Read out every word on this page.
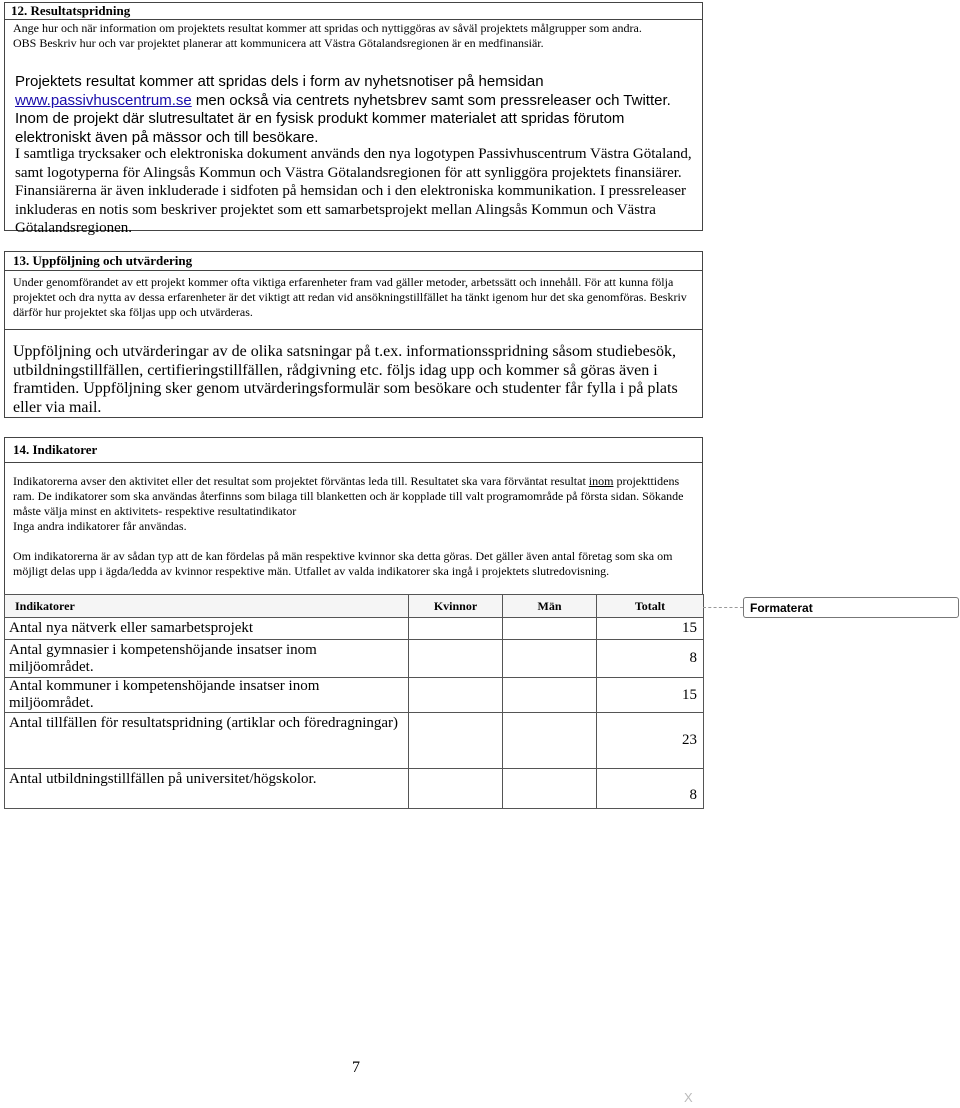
12. Resultatspridning

Ange hur och när information om projektets resultat kommer att spridas och nyttiggöras av såväl projektets målgrupper som andra.

OBS Beskriv hur och var projektet planerar att kommunicera att Västra Götalandsregionen är en medfinansiär.

Projektets resultat kommer att spridas dels i form av nyhetsnotiser på hemsidan www.passivhuscentrum.se men också via centrets nyhetsbrev samt som pressreleaser och Twitter. Inom de projekt där slutresultatet är en fysisk produkt kommer materialet att spridas förutom elektroniskt även på mässor och till besökare.

I samtliga trycksaker och elektroniska dokument används den nya logotypen Passivhuscentrum Västra Götaland, samt logotyperna för Alingsås Kommun och Västra Götalandsregionen för att synliggöra projektets finansiärer. Finansiärerna är även inkluderade i sidfoten på hemsidan och i den elektroniska kommunikation. I pressreleaser inkluderas en notis som beskriver projektet som ett samarbetsprojekt mellan Alingsås Kommun och Västra Götalandsregionen.

13. Uppföljning och utvärdering

Under genomförandet av ett projekt kommer ofta viktiga erfarenheter fram vad gäller metoder, arbetssätt och innehåll. För att kunna följa projektet och dra nytta av dessa erfarenheter är det viktigt att redan vid ansökningstillfället ha tänkt igenom hur det ska genomföras. Beskriv därför hur projektet ska följas upp och utvärderas.

Uppföljning och utvärderingar av de olika satsningar på t.ex. informationsspridning såsom studiebesök, utbildningstillfällen, certifieringstillfällen, rådgivning etc. följs idag upp och kommer så göras även i framtiden. Uppföljning sker genom utvärderingsformulär som besökare och studenter får fylla i på plats eller via mail.

14. Indikatorer
Indikatorerna avser den aktivitet eller det resultat som projektet förväntas leda till. Resultatet ska vara förväntat resultat inom projekttidens ram. De indikatorer som ska användas återfinns som bilaga till blanketten och är kopplade till valt programområde på första sidan. Sökande måste välja minst en aktivitets- respektive resultatindikator
Inga andra indikatorer får användas.

Om indikatorerna är av sådan typ att de kan fördelas på män respektive kvinnor ska detta göras. Det gäller även antal företag som ska om möjligt delas upp i ägda/ledda av kvinnor respektive män. Utfallet av valda indikatorer ska ingå i projektets slutredovisning.

Indikatorer	Kvinnor	Män	Totalt
Antal nya nätverk eller samarbetsprojekt			15
Antal gymnasier i kompetenshöjande insatser inom miljöområdet.			8
Antal kommuner i kompetenshöjande insatser inom miljöområdet.			15
Antal tillfällen för resultatspridning (artiklar och föredragningar)			23
Antal utbildningstillfällen på universitet/högskolor.			8
Formaterat
7
X
